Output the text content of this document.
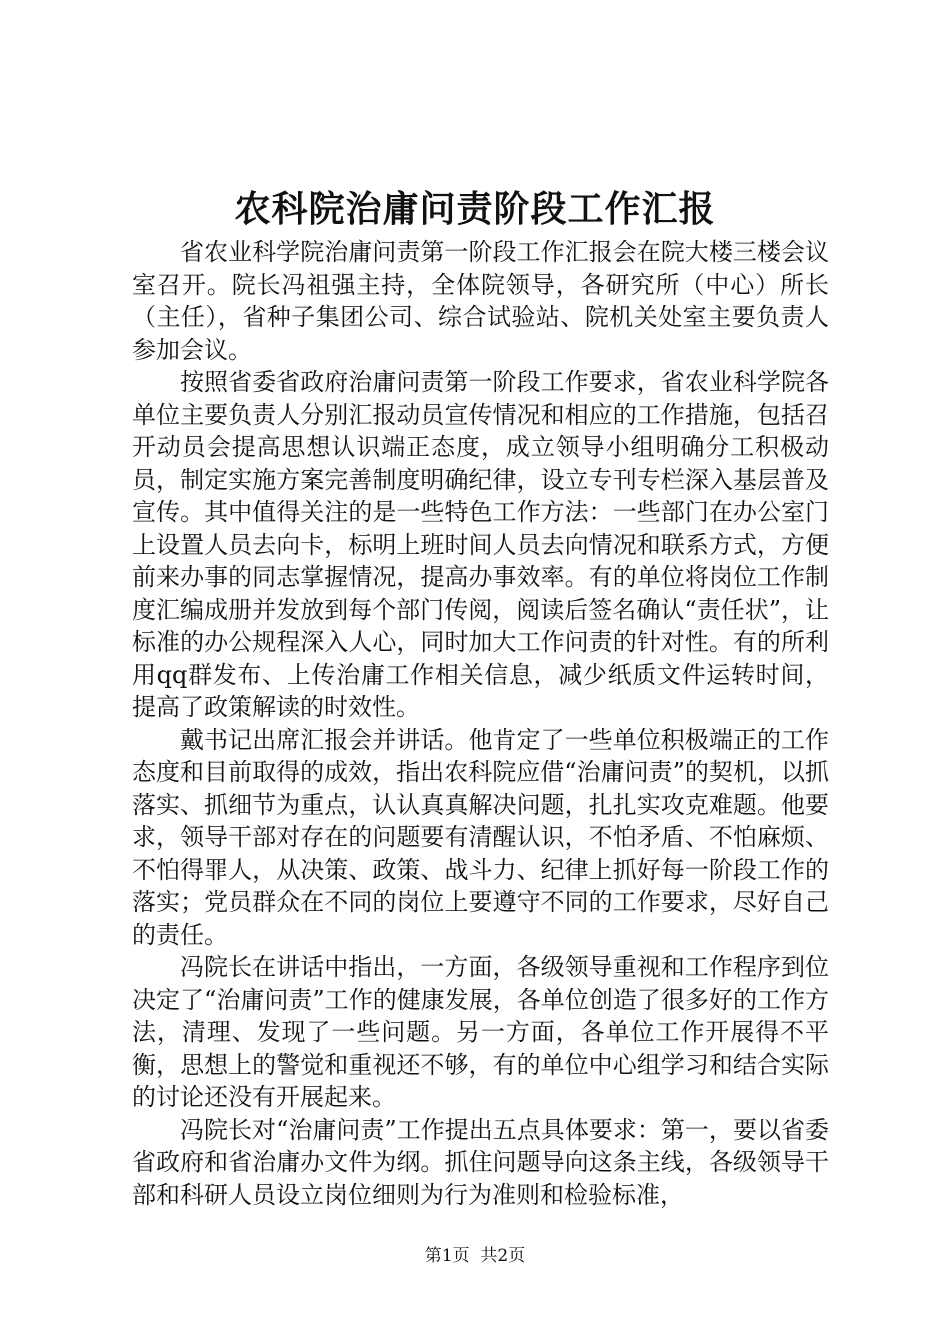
农科院治庸问责阶段工作汇报

省农业科学院治庸问责第一阶段工作汇报会在院大楼三楼会议室召开。院长冯祖强主持，全体院领导，各研究所（中心）所长（主任），省种子集团公司、综合试验站、院机关处室主要负责人参加会议。

按照省委省政府治庸问责第一阶段工作要求，省农业科学院各单位主要负责人分别汇报动员宣传情况和相应的工作措施，包括召开动员会提高思想认识端正态度，成立领导小组明确分工积极动员，制定实施方案完善制度明确纪律，设立专刊专栏深入基层普及宣传。其中值得关注的是一些特色工作方法：一些部门在办公室门上设置人员去向卡，标明上班时间人员去向情况和联系方式，方便前来办事的同志掌握情况，提高办事效率。有的单位将岗位工作制度汇编成册并发放到每个部门传阅，阅读后签名确认“责任状”，让标准的办公规程深入人心，同时加大工作问责的针对性。有的所利用qq群发布、上传治庸工作相关信息，减少纸质文件运转时间，提高了政策解读的时效性。

戴书记出席汇报会并讲话。他肯定了一些单位积极端正的工作态度和目前取得的成效，指出农科院应借“治庸问责”的契机，以抓落实、抓细节为重点，认认真真解决问题，扎扎实攻克难题。他要求，领导干部对存在的问题要有清醒认识，不怕矛盾、不怕麻烦、不怕得罪人，从决策、政策、战斗力、纪律上抓好每一阶段工作的落实；党员群众在不同的岗位上要遵守不同的工作要求，尽好自己的责任。

冯院长在讲话中指出，一方面，各级领导重视和工作程序到位决定了“治庸问责”工作的健康发展，各单位创造了很多好的工作方法，清理、发现了一些问题。另一方面，各单位工作开展得不平衡，思想上的警觉和重视还不够，有的单位中心组学习和结合实际的讨论还没有开展起来。

冯院长对“治庸问责”工作提出五点具体要求：第一，要以省委省政府和省治庸办文件为纲。抓住问题导向这条主线，各级领导干部和科研人员设立岗位细则为行为准则和检验标准，

第1页 共2页
